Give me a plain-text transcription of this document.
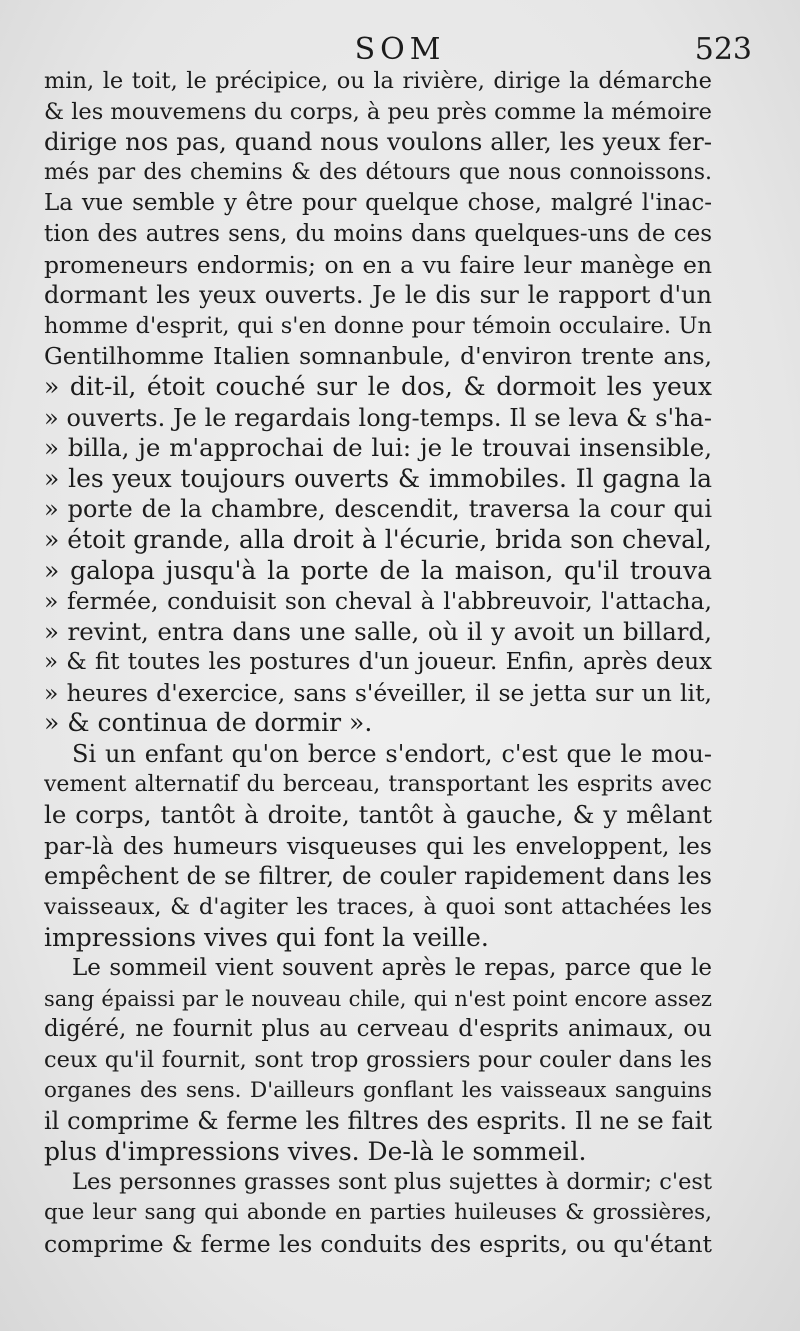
SOM	523
min, le toit, le précipice, ou la rivière, dirige la démarche
& les mouvemens du corps, à peu près comme la mémoire
dirige nos pas, quand nous voulons aller, les yeux fer-
més par des chemins & des détours que nous connoissons.
La vue semble y être pour quelque chose, malgré l'inac-
tion des autres sens, du moins dans quelques-uns de ces
promeneurs endormis; on en a vu faire leur manège en
dormant les yeux ouverts. Je le dis sur le rapport d'un
homme d'esprit, qui s'en donne pour témoin occulaire. Un
Gentilhomme Italien somnanbule, d'environ trente ans,
» dit-il, étoit couché sur le dos, & dormoit les yeux
» ouverts. Je le regardais long-temps. Il se leva & s'ha-
» billa, je m'approchai de lui: je le trouvai insensible,
» les yeux toujours ouverts & immobiles. Il gagna la
» porte de la chambre, descendit, traversa la cour qui
» étoit grande, alla droit à l'écurie, brida son cheval,
» galopa jusqu'à la porte de la maison, qu'il trouva
» fermée, conduisit son cheval à l'abbreuvoir, l'attacha,
» revint, entra dans une salle, où il y avoit un billard,
» & fit toutes les postures d'un joueur. Enfin, après deux
» heures d'exercice, sans s'éveiller, il se jetta sur un lit,
» & continua de dormir ».
Si un enfant qu'on berce s'endort, c'est que le mou-
vement alternatif du berceau, transportant les esprits avec
le corps, tantôt à droite, tantôt à gauche, & y mêlant
par-là des humeurs visqueuses qui les enveloppent, les
empêchent de se filtrer, de couler rapidement dans les
vaisseaux, & d'agiter les traces, à quoi sont attachées les
impressions vives qui font la veille.
Le sommeil vient souvent après le repas, parce que le
sang épaissi par le nouveau chile, qui n'est point encore assez
digéré, ne fournit plus au cerveau d'esprits animaux, ou
ceux qu'il fournit, sont trop grossiers pour couler dans les
organes des sens. D'ailleurs gonflant les vaisseaux sanguins
il comprime & ferme les filtres des esprits. Il ne se fait
plus d'impressions vives. De-là le sommeil.
Les personnes grasses sont plus sujettes à dormir; c'est
que leur sang qui abonde en parties huileuses & grossières,
comprime & ferme les conduits des esprits, ou qu'étant
